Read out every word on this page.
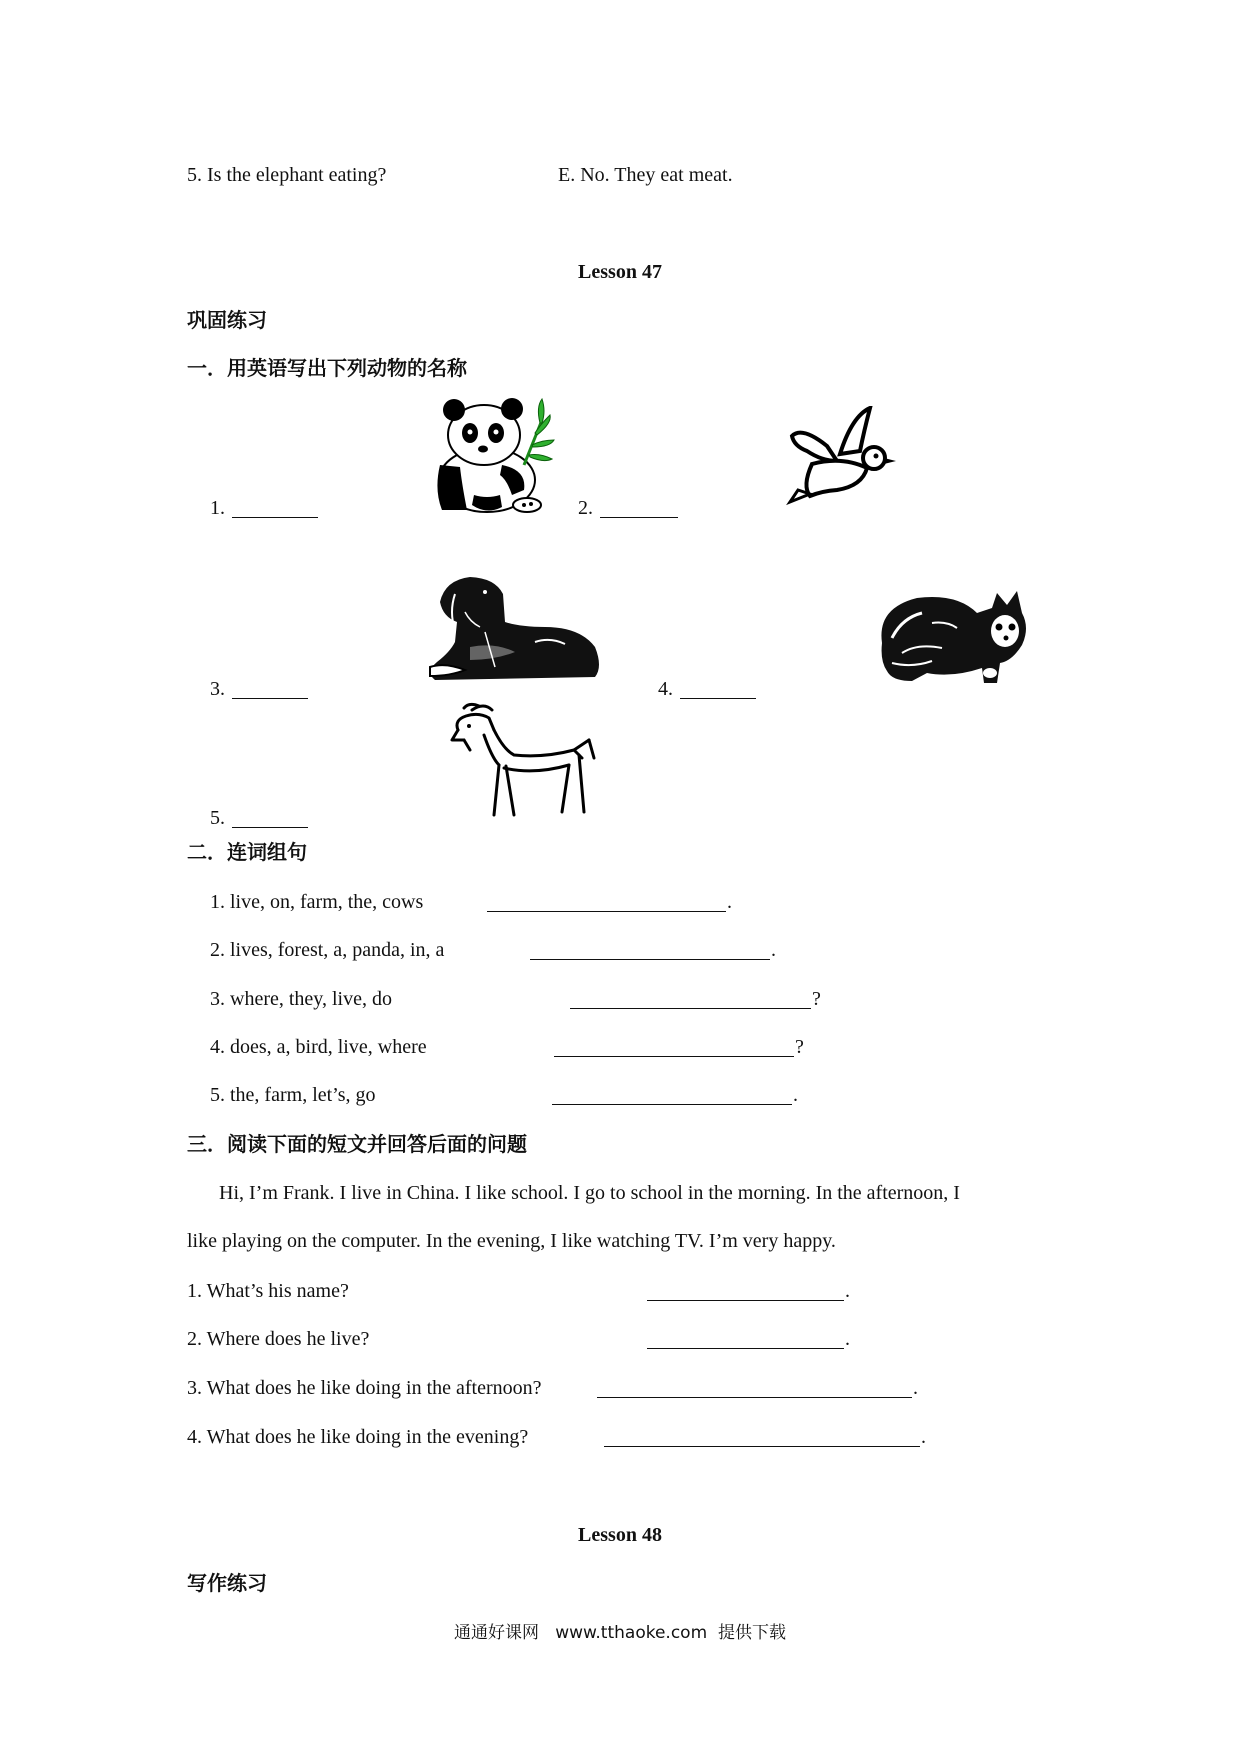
5. Is the elephant eating?	E. No. They eat meat.
Lesson 47
巩固练习
一．用英语写出下列动物的名称
1.	2.
3.	4.
5.
二．连词组句
1. live, on, farm, the, cows	.
2. lives, forest, a, panda, in, a	.
3. where, they, live, do	?
4. does, a, bird, live, where	?
5. the, farm, let’s, go	.
三．阅读下面的短文并回答后面的问题
Hi, I’m Frank. I live in China. I like school. I go to school in the morning. In the afternoon, I
like playing on the computer. In the evening, I like watching TV. I’m very happy.
1. What’s his name?	.
2. Where does he live?	.
3. What does he like doing in the afternoon?	.
4. What does he like doing in the evening?	.
Lesson 48
写作练习
通通好课网 www.tthaoke.com 提供下载
